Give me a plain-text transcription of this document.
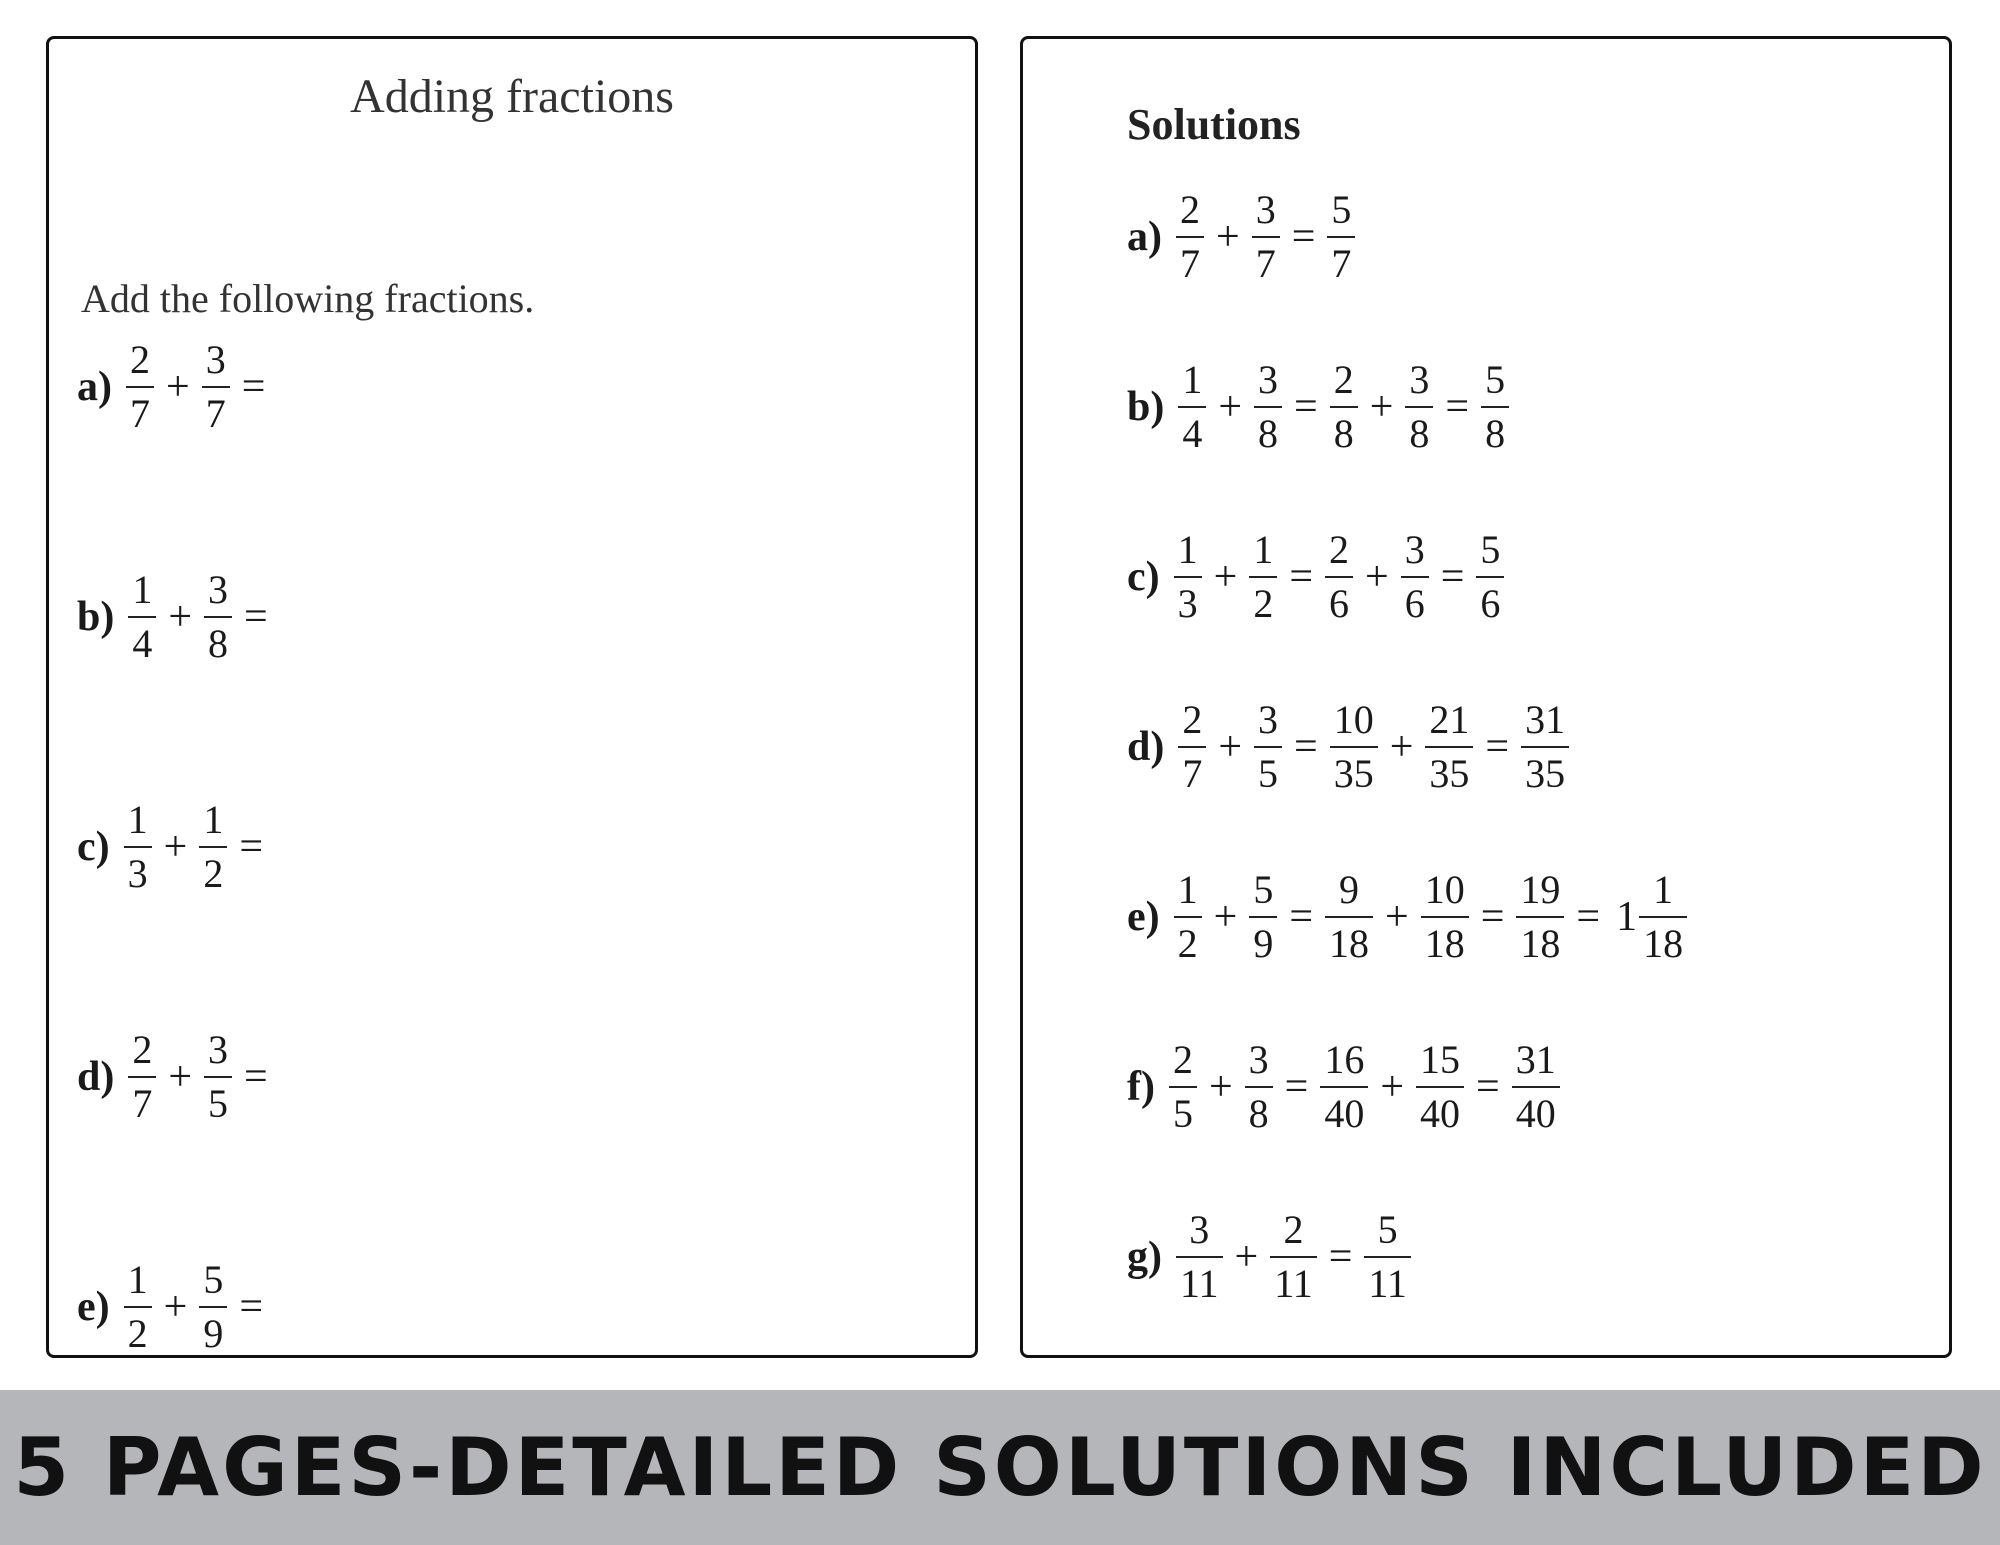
Adding fractions
Add the following fractions.
$a) \frac{2}{7} + \frac{3}{7}$ =
$b) \frac{1}{4} + \frac{3}{8}$ =
$c) \frac{1}{3} + \frac{1}{2}$ =
$d) \frac{2}{7} + \frac{3}{5}$ =
$e) \frac{1}{2} + \frac{5}{9}$ =
Solutions
$a) \frac{2}{7} + \frac{3}{7} = \frac{5}{7}$
$b) \frac{1}{4} + \frac{3}{8} = \frac{2}{8} + \frac{3}{8} = \frac{5}{8}$
$c) \frac{1}{3} + \frac{1}{2} = \frac{2}{6} + \frac{3}{6} = \frac{5}{6}$
$d) \frac{2}{7} + \frac{3}{5} = \frac{10}{35} + \frac{21}{35} = \frac{31}{35}$
$e) \frac{1}{2} + \frac{5}{9} = \frac{9}{18} + \frac{10}{18} = \frac{19}{18} = 1 \frac{1}{18}$
$f) \frac{2}{5} + \frac{3}{8} = \frac{16}{40} + \frac{15}{40} = \frac{31}{40}$
$g) \frac{3}{11} + \frac{2}{11} = \frac{5}{11}$
5 PAGES-DETAILED SOLUTIONS INCLUDED
